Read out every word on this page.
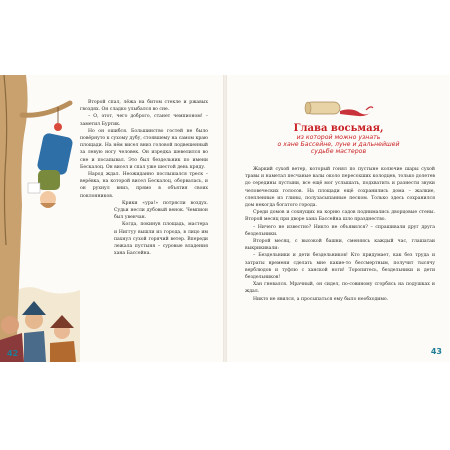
42

Второй спал, лёжа на битом стекле и ржавых гвоздях. Он сладко улыбался во сне.

– О, этот, чего доброго, станет чемпионом! – заметил Буртик.

Но он ошибся. Большинство гостей не было повёрнуто к сухому дубу, стоявшему на самом краю площади. На нём висел вниз головой подвешенный за левую ногу человек. Он изредка шевелился во сне и посапывал. Это был бездельник по имени Бескалоц. Он висел и спал уже шестой день кряду.

Народ ждал. Неожиданно послышался треск – верёвка, на которой висел Бескалоц, оборвалась, и он рухнул вниз, прямо в объятия своих поклонников.

Крики «ура!» потрясли воздух. Судьи несли дубовый венок. Чемпион был увенчан.

Когда, покинув площадь, мастера и Ниггуу вышли из города, в лицо им пахнул сухой горячий ветер. Впереди лежала пустыня – суровые владения хана Бассейна.

Глава восьмая,
из которой можно узнать
о хане Бассейне, луне и дальнейшей
судьбе мастеров

Жаркий сухой ветер, который гонял по пустыне колючие шары сухой травы и наметал песчаные валы около пересохших колодцев, только долетев до середины пустыни, все ещё мог услышать, подхватить и разнести звуки человеческих голосов. На площади ещё сохранились дома – жалкие, слепленные из глины, полузасыпанные песком. Только здесь сохранился дом некогда богатого города.

Среди домов и сохнущих на корню садов поднимались дворцовые стены. Второй месяц при дворе хана Бассейна шло празднество.

– Ничего не известно? Никто не объявился? – спрашивали друг друга бездельники.

Второй месяц, с высокой башни, сменяясь каждый час, глашатаи выкрикивали:

– Бездельники и дети бездельников! Кто придумает, как без труда и затраты времени сделать мне какие-то бессмертным, получит тысячу верблюдов и туфлю с ханской ноги! Торопитесь, бездельники и дети бездельников!

Хан гневался. Мрачный, он сидел, по-совиному сгорбясь на подушках и ждал.

Никто не явился, а просыпаться ему было необходимо.

43
